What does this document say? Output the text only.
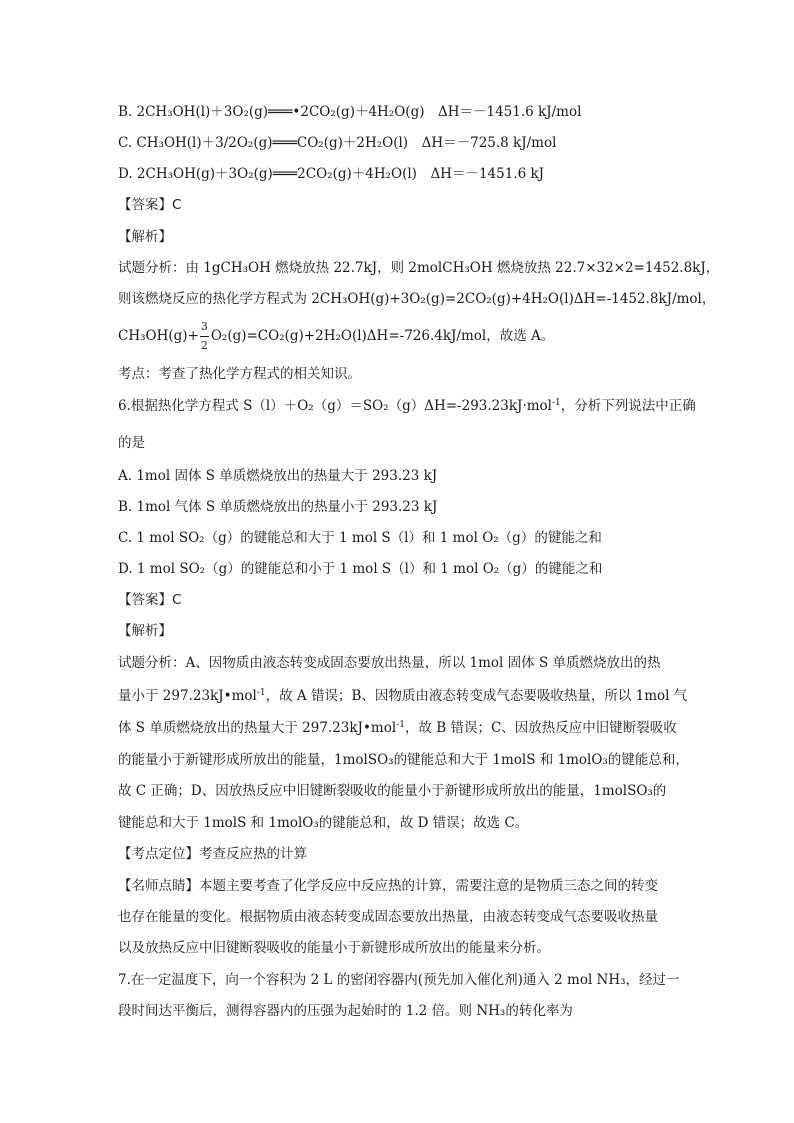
B. 2CH₃OH(l)＋3O₂(g)═══•2CO₂(g)＋4H₂O(g) ΔH＝－1451.6 kJ/mol
C. CH₃OH(l)＋3/2O₂(g)═══CO₂(g)＋2H₂O(l) ΔH＝－725.8 kJ/mol
D. 2CH₃OH(g)＋3O₂(g)═══2CO₂(g)＋4H₂O(l) ΔH＝－1451.6 kJ
【答案】C
【解析】
试题分析：由 1gCH₃OH 燃烧放热 22.7kJ，则 2molCH₃OH 燃烧放热 22.7×32×2=1452.8kJ，
则该燃烧反应的热化学方程式为 2CH₃OH(g)+3O₂(g)=2CO₂(g)+4H₂O(l)ΔH=-1452.8kJ/mol，
$CH_3OH(g)+ \frac{3}{2} O_2(g)=CO_2(g)+2H_2O(l)\Delta H=-726.4kJ/mol$，故选 A。
考点：考查了热化学方程式的相关知识。
6.根据热化学方程式 S（l）＋O₂（g）＝SO₂（g）ΔH=-293.23kJ·mol$^{-1}$，分析下列说法中正确
的是
A. 1mol 固体 S 单质燃烧放出的热量大于 293.23 kJ
B. 1mol 气体 S 单质燃烧放出的热量小于 293.23 kJ
C. 1 mol SO₂（g）的键能总和大于 1 mol S（l）和 1 mol O₂（g）的键能之和
D. 1 mol SO₂（g）的键能总和小于 1 mol S（l）和 1 mol O₂（g）的键能之和
【答案】C
【解析】
试题分析：A、因物质由液态转变成固态要放出热量，所以 1mol 固体 S 单质燃烧放出的热
量小于 297.23kJ•mol$^{-1}$，故 A 错误；B、因物质由液态转变成气态要吸收热量，所以 1mol 气
体 S 单质燃烧放出的热量大于 297.23kJ•mol$^{-1}$，故 B 错误；C、因放热反应中旧键断裂吸收
的能量小于新键形成所放出的能量，1molSO₃的键能总和大于 1molS 和 1molO₃的键能总和，
故 C 正确；D、因放热反应中旧键断裂吸收的能量小于新键形成所放出的能量，1molSO₃的
键能总和大于 1molS 和 1molO₃的键能总和，故 D 错误；故选 C。
【考点定位】考查反应热的计算
【名师点睛】本题主要考查了化学反应中反应热的计算，需要注意的是物质三态之间的转变
也存在能量的变化。根据物质由液态转变成固态要放出热量，由液态转变成气态要吸收热量
以及放热反应中旧键断裂吸收的能量小于新键形成所放出的能量来分析。
7.在一定温度下，向一个容积为 2 L 的密闭容器内(预先加入催化剂)通入 2 mol NH₃，经过一
段时间达平衡后，测得容器内的压强为起始时的 1.2 倍。则 NH₃的转化率为
